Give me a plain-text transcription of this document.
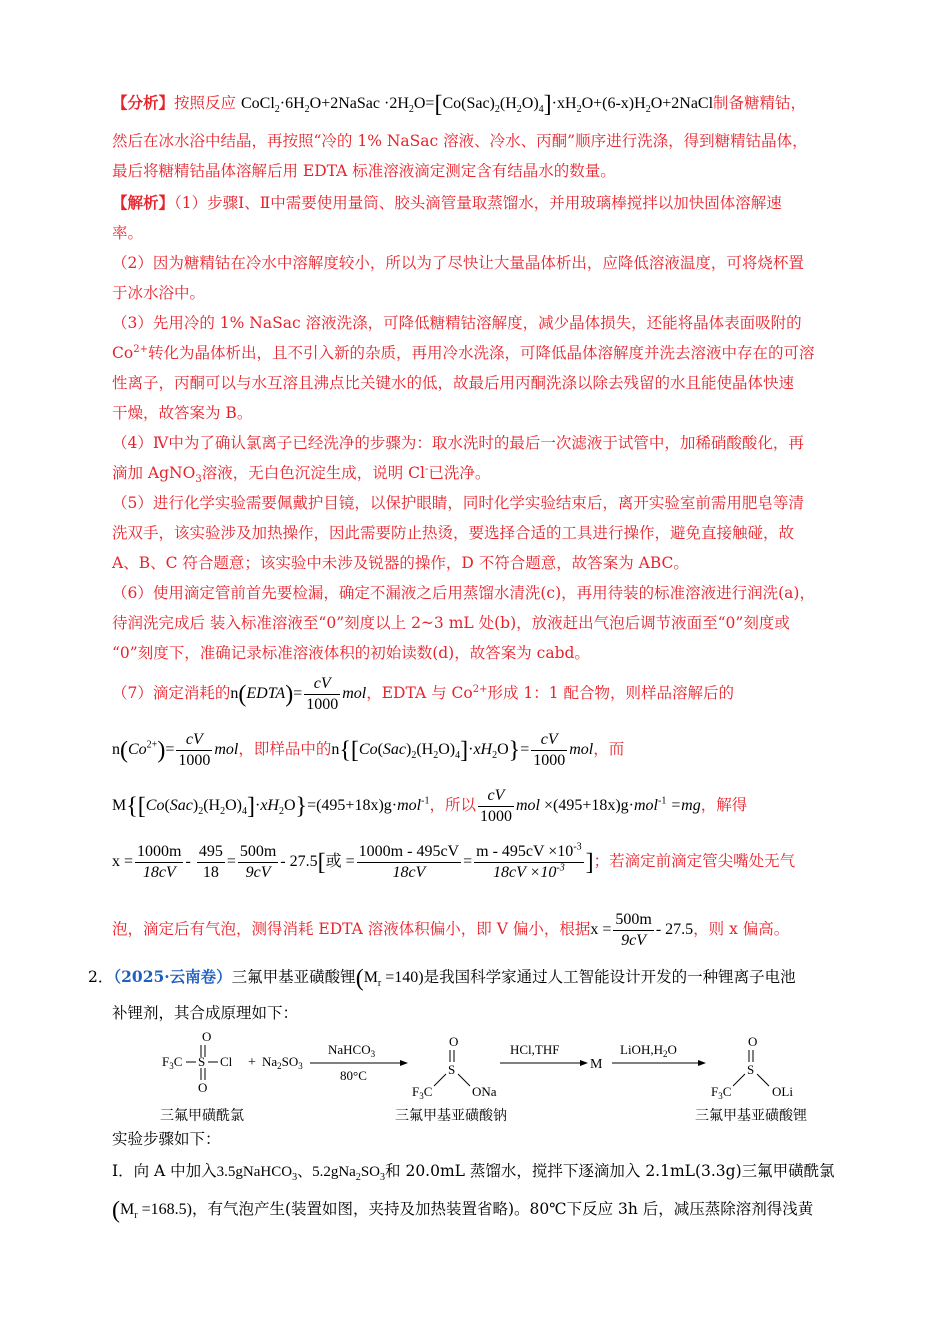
【分析】按照反应 $CoCl_2\cdot 6H_2O+2NaSac$ $\cdot 2H_2O=[Co(Sac)_2(H_2O)_4]\cdot xH_2O+(6-x)H_2O+2NaCl$制备糖精钴，
然后在冰水浴中结晶，再按照“冷的 1% NaSac 溶液、冷水、丙酮”顺序进行洗涤，得到糖精钴晶体，
最后将糖精钴晶体溶解后用 EDTA 标准溶液滴定测定含有结晶水的数量。
【解析】（1）步骤Ⅰ、Ⅱ中需要使用量筒、胶头滴管量取蒸馏水，并用玻璃棒搅拌以加快固体溶解速
率。
（2）因为糖精钴在冷水中溶解度较小，所以为了尽快让大量晶体析出，应降低溶液温度，可将烧杯置
于冰水浴中。
（3）先用冷的 1% NaSac 溶液洗涤，可降低糖精钴溶解度，减少晶体损失，还能将晶体表面吸附的
$Co^{2+}$转化为晶体析出，且不引入新的杂质，再用冷水洗涤，可降低晶体溶解度并洗去溶液中存在的可溶
性离子，丙酮可以与水互溶且沸点比关键水的低，故最后用丙酮洗涤以除去残留的水且能使晶体快速
干燥，故答案为 B。
（4）Ⅳ中为了确认氯离子已经洗净的步骤为：取水洗时的最后一次滤液于试管中，加稀硝酸酸化，再
滴加 AgNO$_3$溶液，无白色沉淀生成，说明 Cl-已洗净。
（5）进行化学实验需要佩戴护目镜，以保护眼睛，同时化学实验结束后，离开实验室前需用肥皂等清
洗双手，该实验涉及加热操作，因此需要防止热烫，要选择合适的工具进行操作，避免直接触碰，故
A、B、C 符合题意；该实验中未涉及锐器的操作，D 不符合题意，故答案为 ABC。
（6）使用滴定管前首先要检漏，确定不漏液之后用蒸馏水清洗(c)，再用待装的标准溶液进行润洗(a)，
待润洗完成后 装入标准溶液至“0”刻度以上 2~3 mL 处(b)，放液赶出气泡后调节液面至“0”刻度或
“0”刻度下，准确记录标准溶液体积的初始读数(d)，故答案为 cabd。
（7）滴定消耗的n(EDTA)= $\frac{cV}{1000}$ mol，EDTA 与 $Co^{2+}$形成 1：1 配合物，则样品溶解后的
$n(Co^{2+})= \frac{cV}{1000}$ mol，即样品中的$n\{[Co(Sac)_2(H_2O)_4]\cdot xH_2O\}= \frac{cV}{1000}$ mol，而
$M\{[Co(Sac)_2(H_2O)_4]\cdot xH_2O\}=(495+18x)g\cdot mol^{-1}$，所以 $\frac{cV}{1000}$ mol ×(495+18x)g·mol$^{-1}$ =mg，解得
$x = \frac{1000m}{18cV} - \frac{495}{18} = \frac{500m}{9cV} - 27.5$[或 = $\frac{1000m - 495cV}{18cV} = \frac{m - 495cV \times 10^{-3}}{18cV \times 10^{-3}}$ ]；若滴定前滴定管尖嘴处无气
泡，滴定后有气泡，测得消耗 EDTA 溶液体积偏小，即 V 偏小，根据$x = \frac{500m}{9cV} - 27.5$，则 x 偏高。
2．（2025·云南卷）三氟甲基亚磺酸锂$(M_r =140)$是我国科学家通过人工智能设计开发的一种锂离子电池
补锂剂，其合成原理如下：
O
$F_3C$ S Cl
O
+ $Na_2SO_3$
NaHCO$_3$
80°C
O
S
$F_3C$	ONa
HCl,THF
M
$LiOH,H_2O$
O
S
$F_3C$	OLi
三氟甲磺酰氯	三氟甲基亚磺酸钠	三氟甲基亚磺酸锂
实验步骤如下：
I．向 A 中加入3.5gNaHCO$_3$、$5.2gNa_2SO_3$和 20.0mL 蒸馏水，搅拌下逐滴加入 2.1mL(3.3g)三氟甲磺酰氯
$(M_r =168.5)$，有气泡产生(装置如图，夹持及加热装置省略)。80℃下反应 3h 后，减压蒸除溶剂得浅黄
